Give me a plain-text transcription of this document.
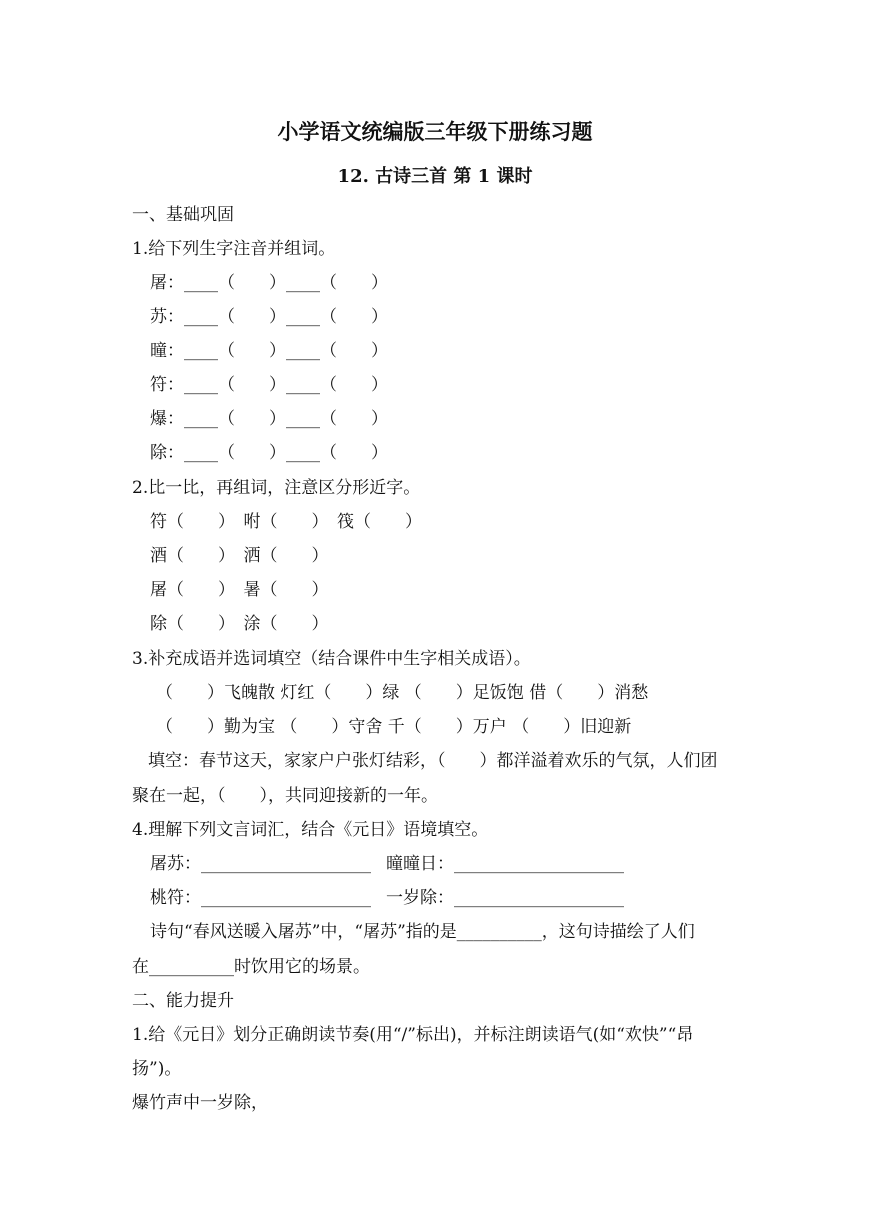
小学语文统编版三年级下册练习题
12. 古诗三首 第 1 课时
一、基础巩固
1.给下列生字注音并组词。
屠：____（　　）____（　　）
苏：____（　　）____（　　）
曈：____（　　）____（　　）
符：____（　　）____（　　）
爆：____（　　）____（　　）
除：____（　　）____（　　）
2.比一比，再组词，注意区分形近字。
符（　　）　咐（　　）　筏（　　）
酒（　　）　洒（　　）
屠（　　）　暑（　　）
除（　　）　涂（　　）
3.补充成语并选词填空（结合课件中生字相关成语）。
（　　）飞魄散 灯红（　　）绿 （　　）足饭饱 借（　　）消愁
（　　）勤为宝 （　　）守舍 千（　　）万户 （　　）旧迎新
填空：春节这天，家家户户张灯结彩，（　　）都洋溢着欢乐的气氛，人们团
聚在一起，（　　），共同迎接新的一年。
4.理解下列文言词汇，结合《元日》语境填空。
屠苏：____________________ 曈曈日：____________________
桃符：____________________ 一岁除：____________________
诗句“春风送暖入屠苏”中，“屠苏”指的是__________，这句诗描绘了人们
在__________时饮用它的场景。
二、能力提升
1.给《元日》划分正确朗读节奏(用“/”标出)，并标注朗读语气(如“欢快”“昂
扬”)。
爆竹声中一岁除，
